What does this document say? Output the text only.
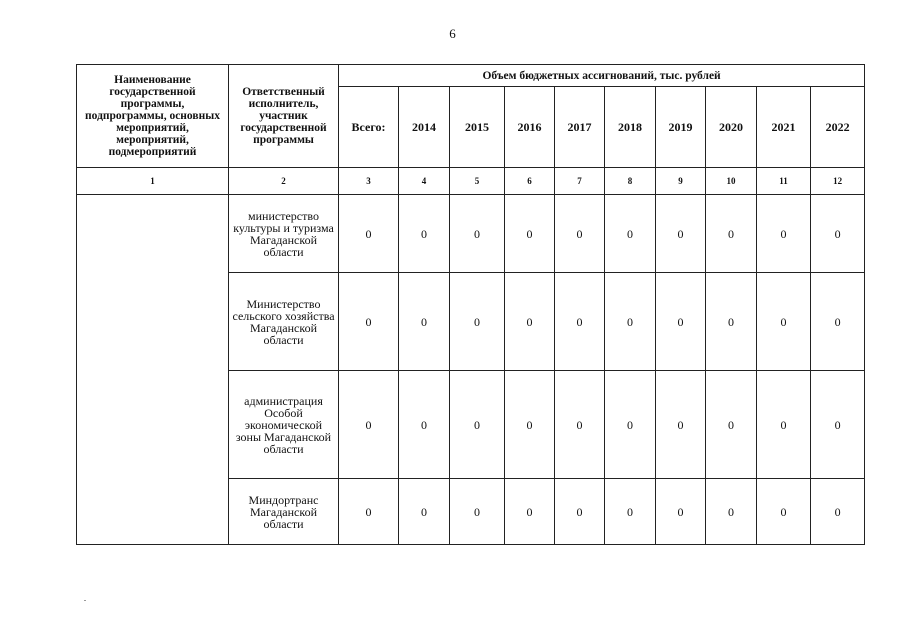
6
Наименование государственной программы, подпрограммы, основных мероприятий, мероприятий, подмероприятий	Ответственный исполнитель, участник государственной программы	Объем бюджетных ассигнований, тыс. рублей									
		Всего:	2014	2015	2016	2017	2018	2019	2020	2021	2022
1	2	3	4	5	6	7	8	9	10	11	12
	министерство культуры и туризма Магаданской области	0	0	0	0	0	0	0	0	0	0
	Министерство сельского хозяйства Магаданской области	0	0	0	0	0	0	0	0	0	0
	администрация Особой экономической зоны Магаданской области	0	0	0	0	0	0	0	0	0	0
	Миндортранс Магаданской области	0	0	0	0	0	0	0	0	0	0
